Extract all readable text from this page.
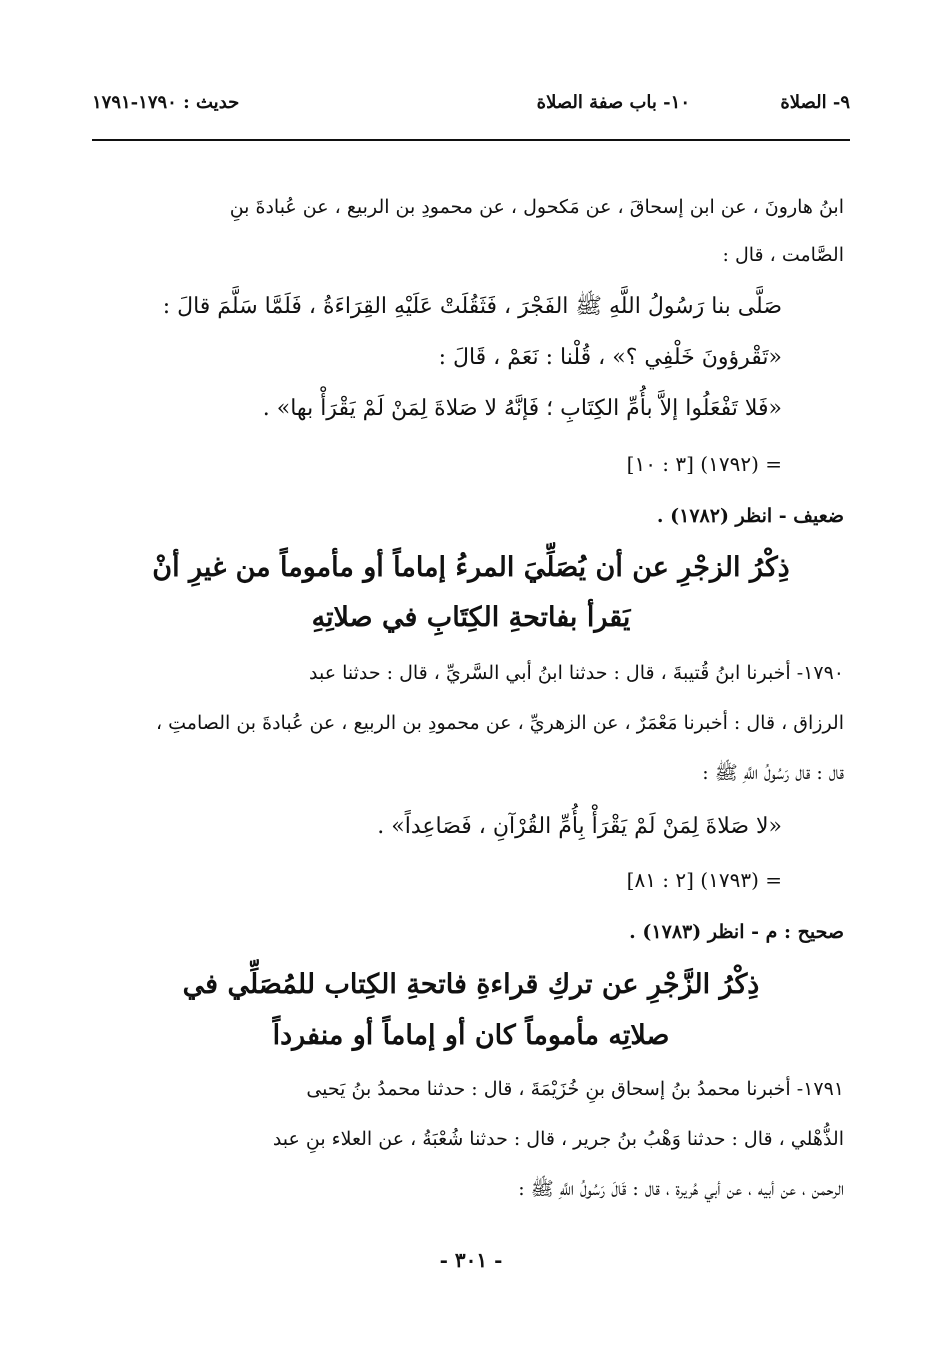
٩- الصلاة
١٠- باب صفة الصلاة
حديث : ١٧٩٠-١٧٩١
ابنُ هارونَ ، عن ابن إسحاقَ ، عن مَكحول ، عن محمودِ بن الربيع ، عن عُبادةَ بنِ
الصَّامت ، قال :
صَلَّى بنا رَسُولُ اللَّهِ ﷺ الفَجْرَ ، فَثَقُلَتْ عَلَيْهِ القِرَاءَةُ ، فَلَمَّا سَلَّمَ قالَ :
«تَقْرؤونَ خَلْفِي ؟» ، قُلْنا : نَعَمْ ، قَالَ :
«فَلا تَفْعَلُوا إلاَّ بأُمِّ الكِتَابِ ؛ فَإنَّهُ لا صَلاةَ لِمَنْ لَمْ يَقْرَأْ بها» .
= (١٧٩٢) [٣ : ١٠]
ضعيف - انظر (١٧٨٢) .
ذِكْرُ الزجْرِ عن أن يُصَلِّيَ المرءُ إماماً أو مأموماً من غيرِ أنْ
يَقرأ بفاتحةِ الكِتَابِ في صلاتِهِ
١٧٩٠- أخبرنا ابنُ قُتيبةَ ، قال : حدثنا ابنُ أبي السَّريِّ ، قال : حدثنا عبد
الرزاق ، قال : أخبرنا مَعْمَرٌ ، عن الزهريِّ ، عن محمودِ بن الربيع ، عن عُبادةَ بن الصامتِ ،
قال : قال رَسُولُ اللَّهِ ﷺ :
«لا صَلاةَ لِمَنْ لَمْ يَقْرَأْ بِأُمِّ القُرْآنِ ، فَصَاعِداً» .
= (١٧٩٣) [٢ : ٨١]
صحيح : م - انظر (١٧٨٣) .
ذِكْرُ الزَّجْرِ عن تركِ قراءةِ فاتحةِ الكِتاب للمُصَلِّي في
صلاتِه مأموماً كان أو إماماً أو منفرداً
١٧٩١- أخبرنا محمدُ بنُ إسحاق بنِ خُزَيْمَةَ ، قال : حدثنا محمدُ بنُ يَحيى
الذُّهْلي ، قال : حدثنا وَهْبُ بنُ جرير ، قال : حدثنا شُعْبَةُ ، عن العلاء بنِ عبد
الرحمن ، عن أبيه ، عن أبي هُريرة ، قال : قَالَ رَسُولُ اللَّهِ ﷺ :
- ٣٠١ -
